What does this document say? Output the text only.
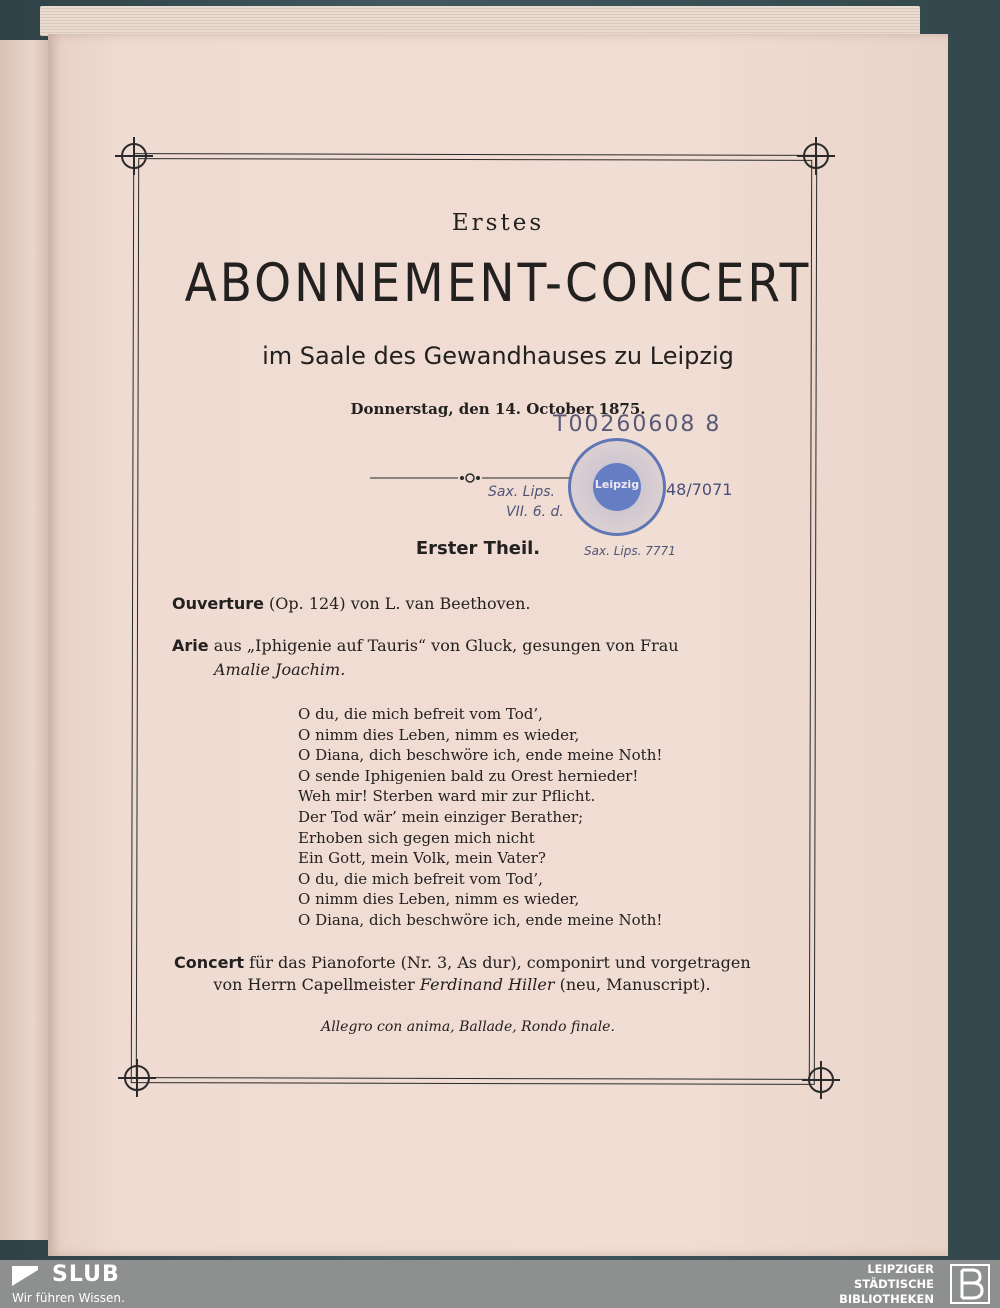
Erstes

ABONNEMENT-CONCERT

im Saale des Gewandhauses zu Leipzig

Donnerstag, den 14. October 1875.

Leipzig
T00260608 8
Sax. Lips.
VII. 6. d.
Sax. Lips. 7771
48/7071

Erster Theil.

Ouverture (Op. 124) von L. van Beethoven.

Arie aus „Iphigenie auf Tauris“ von Gluck, gesungen von Frau

Amalie Joachim.

O du, die mich befreit vom Tod’,
O nimm dies Leben, nimm es wieder,
O Diana, dich beschwöre ich, ende meine Noth!
O sende Iphigenien bald zu Orest hernieder!
Weh mir! Sterben ward mir zur Pflicht.
Der Tod wär’ mein einziger Berather;
Erhoben sich gegen mich nicht
Ein Gott, mein Volk, mein Vater?
O du, die mich befreit vom Tod’,
O nimm dies Leben, nimm es wieder,
O Diana, dich beschwöre ich, ende meine Noth!

Concert für das Pianoforte (Nr. 3, As dur), componirt und vorgetragen
von Herrn Capellmeister Ferdinand Hiller (neu, Manuscript).

Allegro con anima, Ballade, Rondo finale.

SLUB
Wir führen Wissen.
LEIPZIGER
STÄDTISCHE
BIBLIOTHEKEN
